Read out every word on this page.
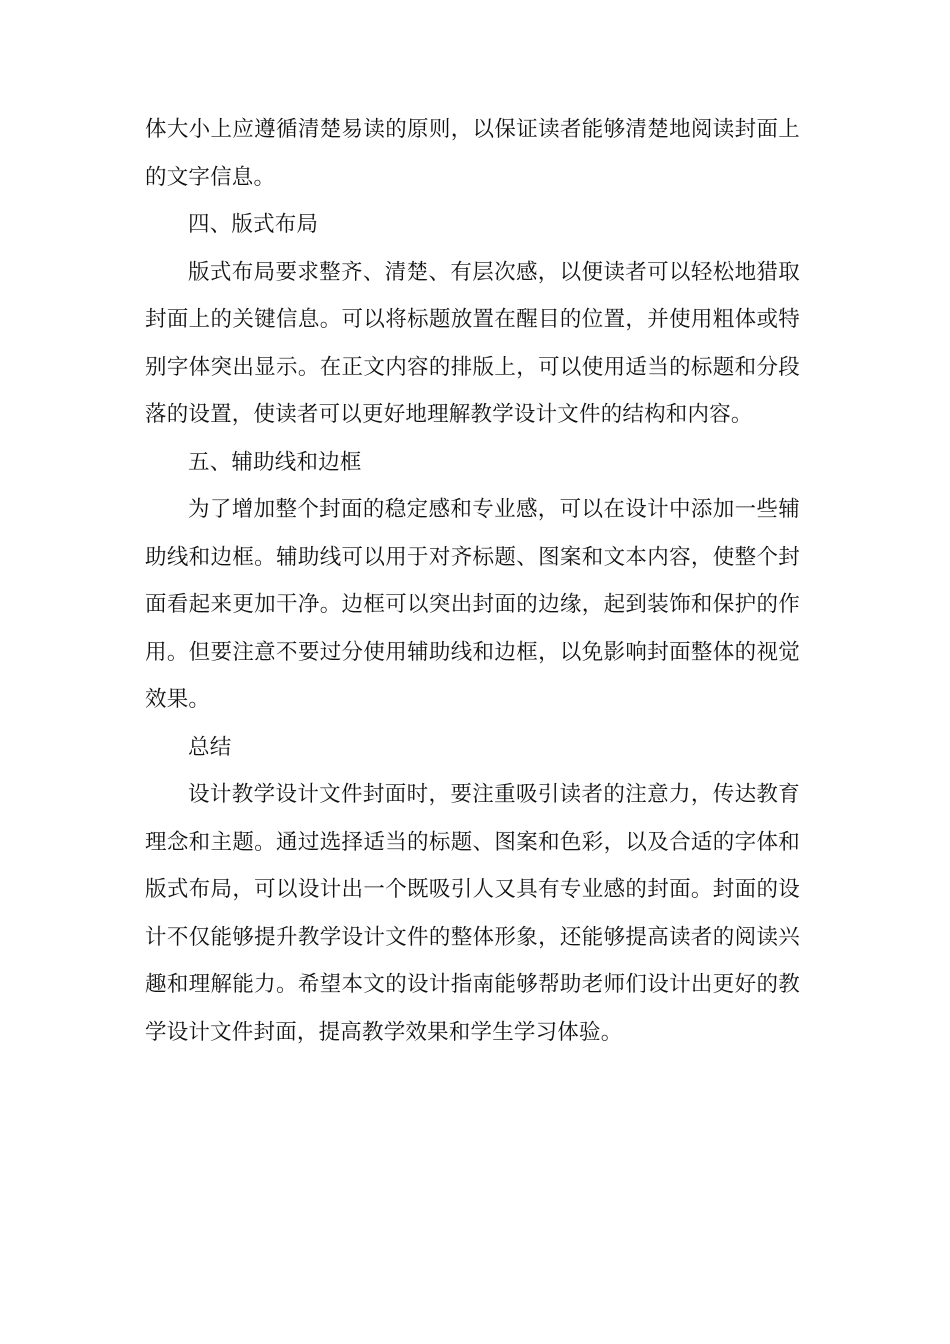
体大小上应遵循清楚易读的原则，以保证读者能够清楚地阅读封面上的文字信息。

四、版式布局

版式布局要求整齐、清楚、有层次感，以便读者可以轻松地猎取封面上的关键信息。可以将标题放置在醒目的位置，并使用粗体或特别字体突出显示。在正文内容的排版上，可以使用适当的标题和分段落的设置，使读者可以更好地理解教学设计文件的结构和内容。

五、辅助线和边框

为了增加整个封面的稳定感和专业感，可以在设计中添加一些辅助线和边框。辅助线可以用于对齐标题、图案和文本内容，使整个封面看起来更加干净。边框可以突出封面的边缘，起到装饰和保护的作用。但要注意不要过分使用辅助线和边框，以免影响封面整体的视觉效果。

总结

设计教学设计文件封面时，要注重吸引读者的注意力，传达教育理念和主题。通过选择适当的标题、图案和色彩，以及合适的字体和版式布局，可以设计出一个既吸引人又具有专业感的封面。封面的设计不仅能够提升教学设计文件的整体形象，还能够提高读者的阅读兴趣和理解能力。希望本文的设计指南能够帮助老师们设计出更好的教学设计文件封面，提高教学效果和学生学习体验。
